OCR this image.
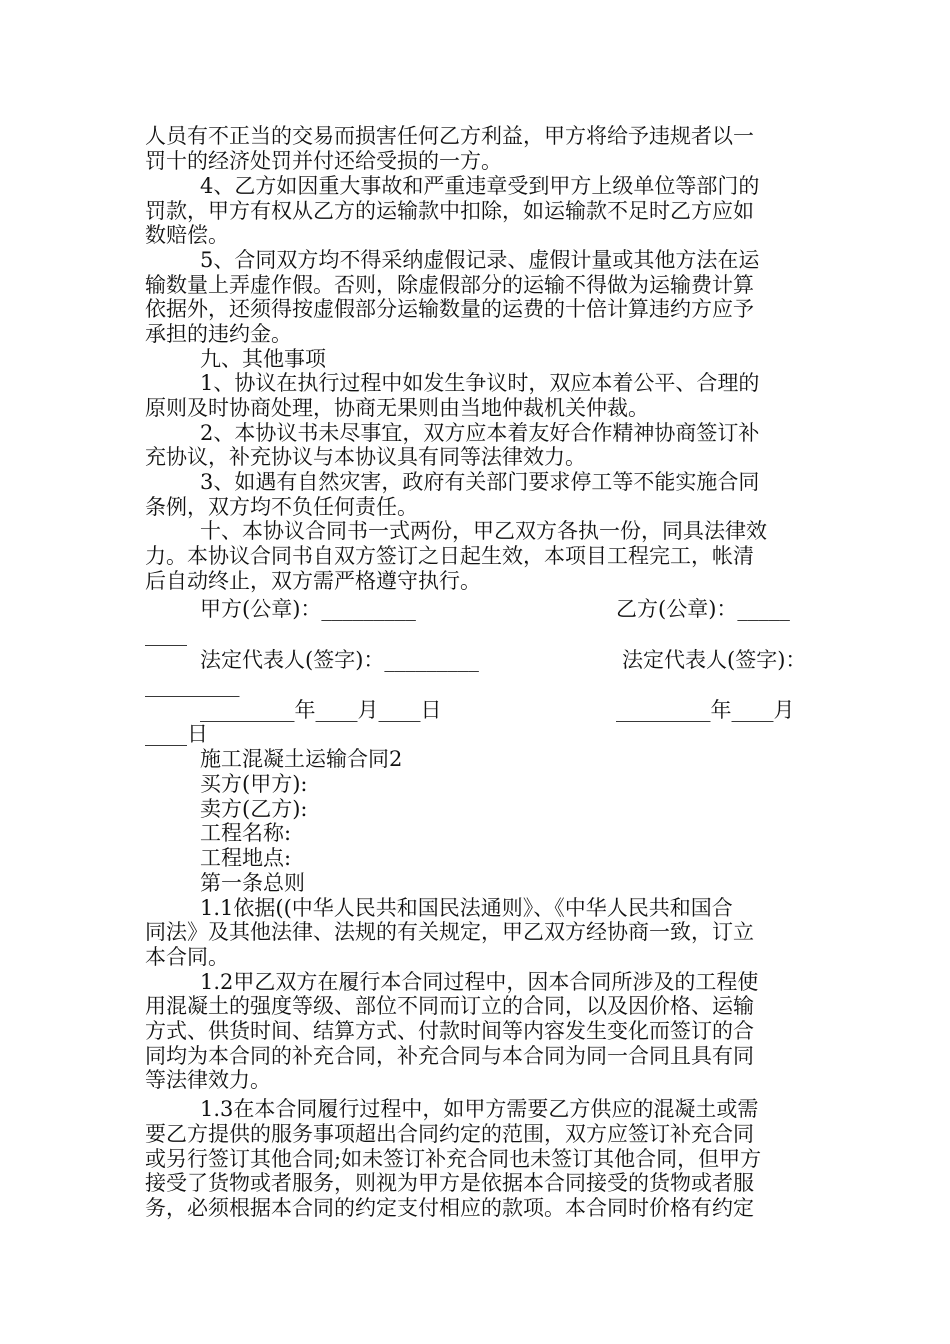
人员有不正当的交易而损害任何乙方利益，甲方将给予违规者以一
罚十的经济处罚并付还给受损的一方。
4、乙方如因重大事故和严重违章受到甲方上级单位等部门的
罚款，甲方有权从乙方的运输款中扣除，如运输款不足时乙方应如
数赔偿。
5、合同双方均不得采纳虚假记录、虚假计量或其他方法在运
输数量上弄虚作假。否则，除虚假部分的运输不得做为运输费计算
依据外，还须得按虚假部分运输数量的运费的十倍计算违约方应予
承担的违约金。
九、其他事项
1、协议在执行过程中如发生争议时，双应本着公平、合理的
原则及时协商处理，协商无果则由当地仲裁机关仲裁。
2、本协议书未尽事宜，双方应本着友好合作精神协商签订补
充协议，补充协议与本协议具有同等法律效力。
3、如遇有自然灾害，政府有关部门要求停工等不能实施合同
条例，双方均不负任何责任。
十、本协议合同书一式两份，甲乙双方各执一份，同具法律效
力。本协议合同书自双方签订之日起生效，本项目工程完工，帐清
后自动终止，双方需严格遵守执行。
甲方(公章)：_________	乙方(公章)：_____
____
法定代表人(签字)：_________	法定代表人(签字)：
_________
_________年____月____日	_________年____月
____日
施工混凝土运输合同2
买方(甲方):
卖方(乙方):
工程名称:
工程地点:
第一条总则
1.1依据((中华人民共和国民法通则》、《中华人民共和国合
同法》及其他法律、法规的有关规定，甲乙双方经协商一致，订立
本合同。
1.2甲乙双方在履行本合同过程中，因本合同所涉及的工程使
用混凝土的强度等级、部位不同而订立的合同，以及因价格、运输
方式、供货时间、结算方式、付款时间等内容发生变化而签订的合
同均为本合同的补充合同，补充合同与本合同为同一合同且具有同
等法律效力。
1.3在本合同履行过程中，如甲方需要乙方供应的混凝土或需
要乙方提供的服务事项超出合同约定的范围，双方应签订补充合同
或另行签订其他合同;如未签订补充合同也未签订其他合同，但甲方
接受了货物或者服务，则视为甲方是依据本合同接受的货物或者服
务，必须根据本合同的约定支付相应的款项。本合同时价格有约定
